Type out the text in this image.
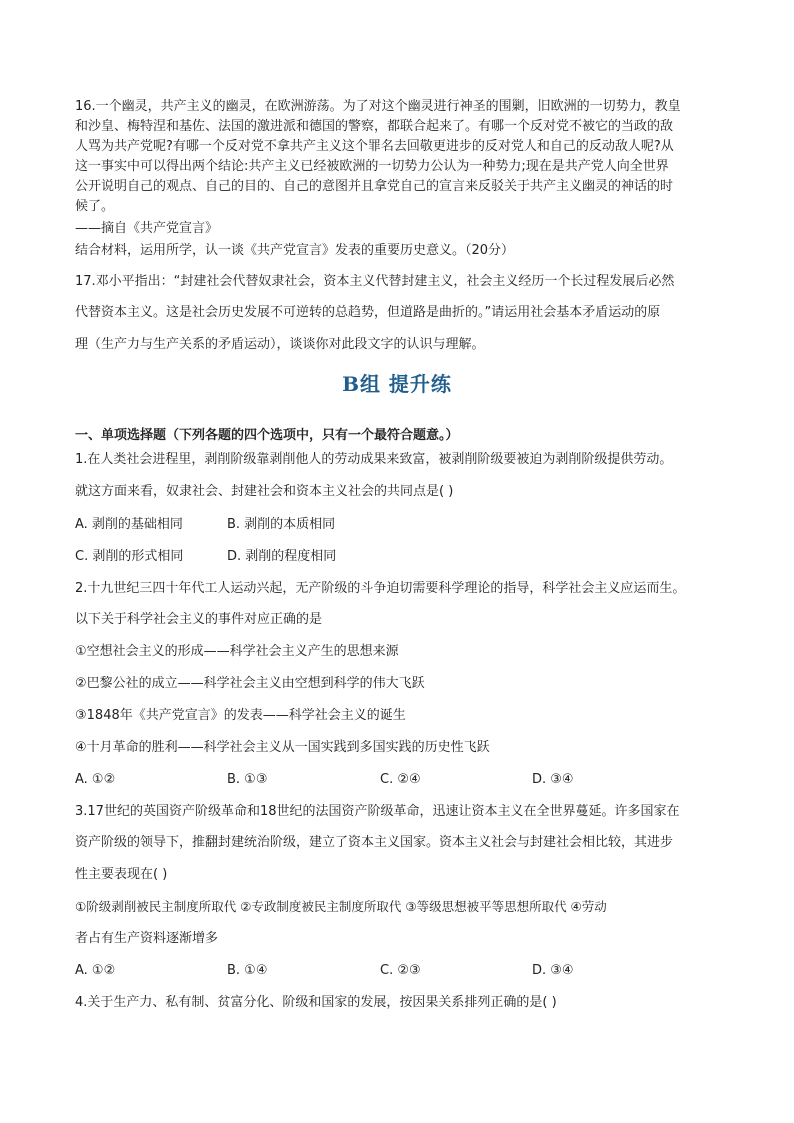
16.一个幽灵，共产主义的幽灵，在欧洲游荡。为了对这个幽灵进行神圣的围剿，旧欧洲的一切势力，教皇

和沙皇、梅特涅和基佐、法国的激进派和德国的警察，都联合起来了。有哪一个反对党不被它的当政的敌

人骂为共产党呢?有哪一个反对党不拿共产主义这个罪名去回敬更进步的反对党人和自己的反动敌人呢?从

这一事实中可以得出两个结论:共产主义已经被欧洲的一切势力公认为一种势力;现在是共产党人向全世界

公开说明自己的观点、自己的目的、自己的意图并且拿党自己的宣言来反驳关于共产主义幽灵的神话的时

候了。

——摘自《共产党宣言》

结合材料，运用所学，认一谈《共产党宣言》发表的重要历史意义。（20分）

17.邓小平指出：“封建社会代替奴隶社会，资本主义代替封建主义，社会主义经历一个长过程发展后必然

代替资本主义。这是社会历史发展不可逆转的总趋势，但道路是曲折的。”请运用社会基本矛盾运动的原

理（生产力与生产关系的矛盾运动），谈谈你对此段文字的认识与理解。

B组 提升练

一、单项选择题（下列各题的四个选项中，只有一个最符合题意。）

1.在人类社会进程里，剥削阶级靠剥削他人的劳动成果来致富，被剥削阶级要被迫为剥削阶级提供劳动。

就这方面来看，奴隶社会、封建社会和资本主义社会的共同点是( )

A. 剥削的基础相同	B. 剥削的本质相同

C. 剥削的形式相同	D. 剥削的程度相同

2.十九世纪三四十年代工人运动兴起，无产阶级的斗争迫切需要科学理论的指导，科学社会主义应运而生。

以下关于科学社会主义的事件对应正确的是

①空想社会主义的形成——科学社会主义产生的思想来源

②巴黎公社的成立——科学社会主义由空想到科学的伟大飞跃

③1848年《共产党宣言》的发表——科学社会主义的诞生

④十月革命的胜利——科学社会主义从一国实践到多国实践的历史性飞跃

A. ①②	B. ①③	C. ②④	D. ③④

3.17世纪的英国资产阶级革命和18世纪的法国资产阶级革命，迅速让资本主义在全世界蔓延。许多国家在

资产阶级的领导下，推翻封建统治阶级，建立了资本主义国家。资本主义社会与封建社会相比较，其进步

性主要表现在( )

①阶级剥削被民主制度所取代 ②专政制度被民主制度所取代 ③等级思想被平等思想所取代 ④劳动

者占有生产资料逐渐增多

A. ①②	B. ①④	C. ②③	D. ③④

4.关于生产力、私有制、贫富分化、阶级和国家的发展，按因果关系排列正确的是( )
